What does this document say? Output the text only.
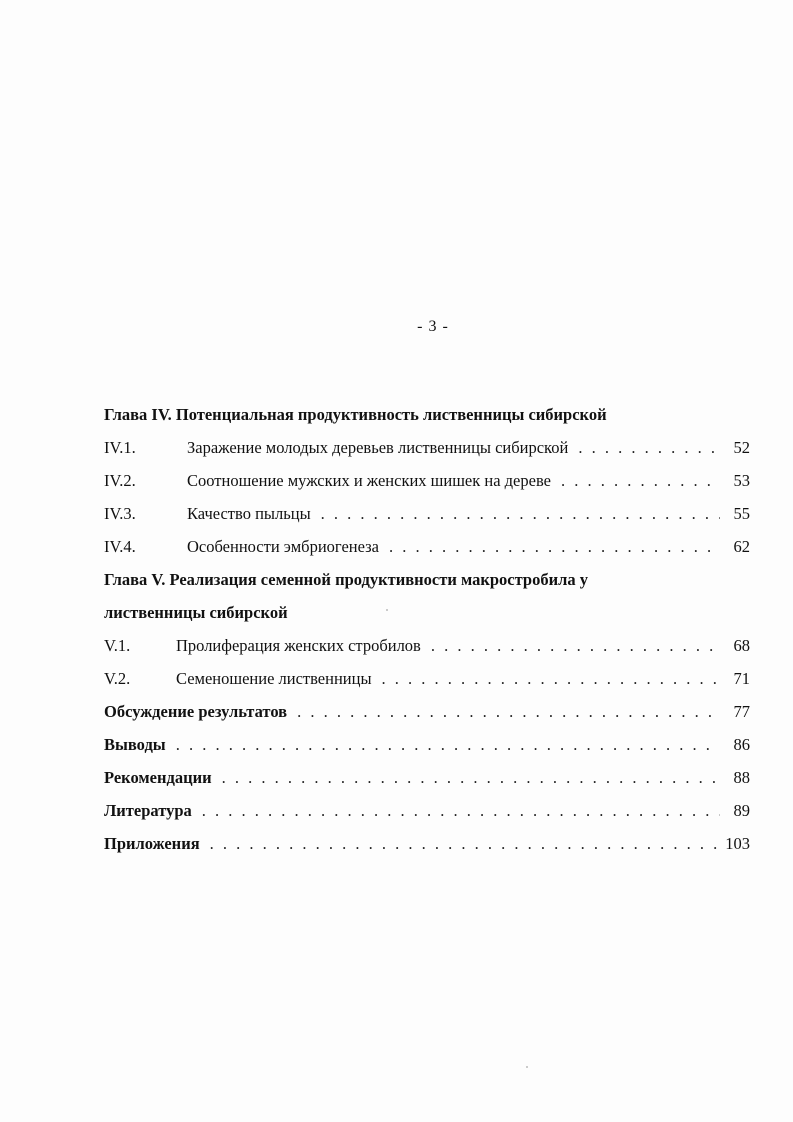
- 3 -
Глава IV. Потенциальная продуктивность лиственницы сибирской
IV.1.	Заражение молодых деревьев лиственницы сибирской . . .	52
IV.2.	Соотношение мужских и женских шишек на дереве . . .	53
IV.3.	Качество пыльцы . . .	55
IV.4.	Особенности эмбриогенеза . . .	62
Глава V. Реализация семенной продуктивности макростробила у
лиственницы сибирской
V.1.	Пролиферация женских стробилов . . .	68
V.2.	Семеношение лиственницы . . .	71
Обсуждение результатов . . .	77
Выводы . . .	86
Рекомендации . . .	88
Литература . . .	89
Приложения . . .	103
